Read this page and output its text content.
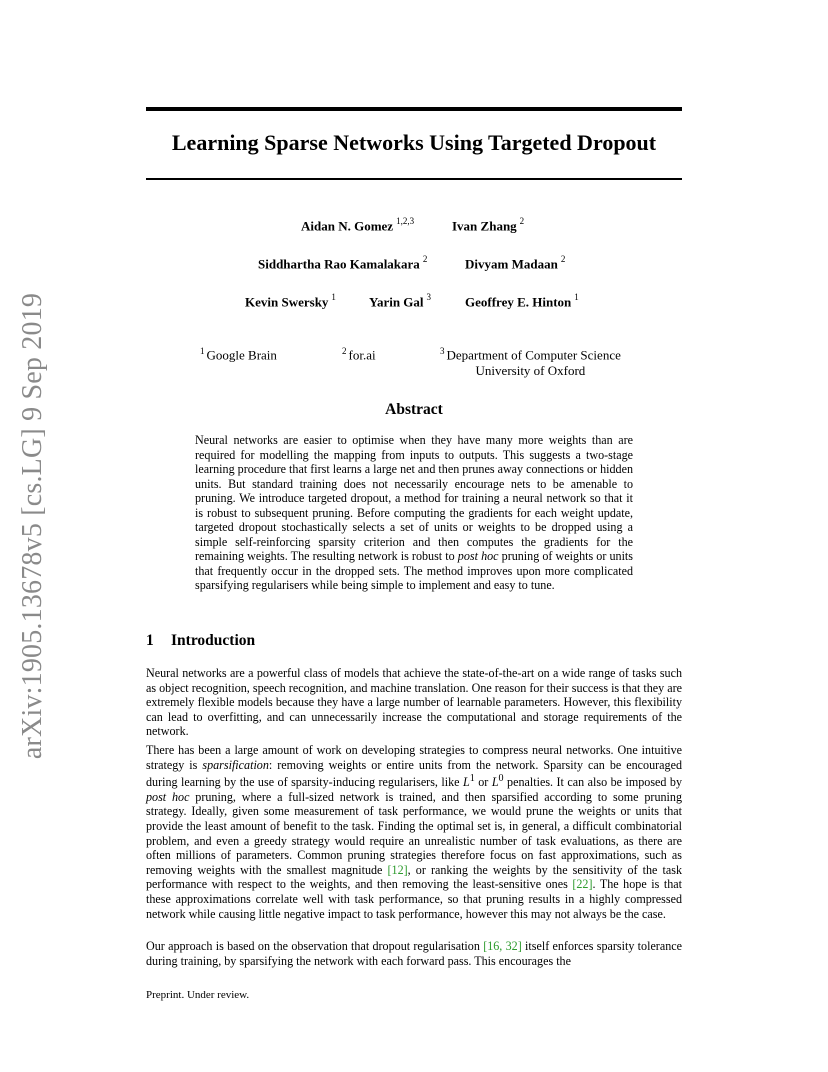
arXiv:1905.13678v5 [cs.LG] 9 Sep 2019
Learning Sparse Networks Using Targeted Dropout
Aidan N. Gomez $^{1,2,3}$	Ivan Zhang $^2$
Siddhartha Rao Kamalakara $^2$	Divyam Madaan $^2$
Kevin Swersky $^1$	Yarin Gal $^3$	Geoffrey E. Hinton $^1$
$^1$ Google Brain	$^2$ for.ai	$^3$ Department of Computer Science
University of Oxford
Abstract
Neural networks are easier to optimise when they have many more weights than are required for modelling the mapping from inputs to outputs. This suggests a two-stage learning procedure that first learns a large net and then prunes away connections or hidden units. But standard training does not necessarily encourage nets to be amenable to pruning. We introduce targeted dropout, a method for training a neural network so that it is robust to subsequent pruning. Before computing the gradients for each weight update, targeted dropout stochastically selects a set of units or weights to be dropped using a simple self-reinforcing sparsity criterion and then computes the gradients for the remaining weights. The resulting network is robust to post hoc pruning of weights or units that frequently occur in the dropped sets. The method improves upon more complicated sparsifying regularisers while being simple to implement and easy to tune.
1 Introduction
Neural networks are a powerful class of models that achieve the state-of-the-art on a wide range of tasks such as object recognition, speech recognition, and machine translation. One reason for their success is that they are extremely flexible models because they have a large number of learnable parameters. However, this flexibility can lead to overfitting, and can unnecessarily increase the computational and storage requirements of the network.
There has been a large amount of work on developing strategies to compress neural networks. One intuitive strategy is sparsification: removing weights or entire units from the network. Sparsity can be encouraged during learning by the use of sparsity-inducing regularisers, like $L^1$ or $L^0$ penalties. It can also be imposed by post hoc pruning, where a full-sized network is trained, and then sparsified according to some pruning strategy. Ideally, given some measurement of task performance, we would prune the weights or units that provide the least amount of benefit to the task. Finding the optimal set is, in general, a difficult combinatorial problem, and even a greedy strategy would require an unrealistic number of task evaluations, as there are often millions of parameters. Common pruning strategies therefore focus on fast approximations, such as removing weights with the smallest magnitude [12], or ranking the weights by the sensitivity of the task performance with respect to the weights, and then removing the least-sensitive ones [22]. The hope is that these approximations correlate well with task performance, so that pruning results in a highly compressed network while causing little negative impact to task performance, however this may not always be the case.
Our approach is based on the observation that dropout regularisation [16, 32] itself enforces sparsity tolerance during training, by sparsifying the network with each forward pass. This encourages the
Preprint. Under review.
